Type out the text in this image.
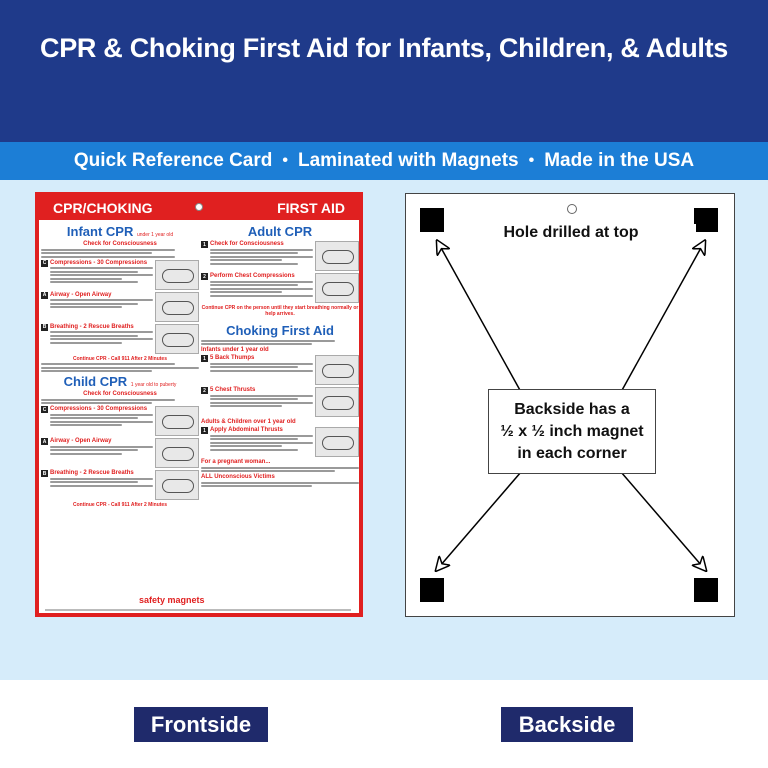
CPR & Choking First Aid for Infants, Children, & Adults
Quick Reference Card • Laminated with Magnets • Made in the USA
CPR/CHOKING	FIRST AID
Infant CPR under 1 year old
Check for Consciousness
C Compressions - 30 Compressions
A Airway - Open Airway
B Breathing - 2 Rescue Breaths
Continue CPR - Call 911 After 2 Minutes
Child CPR 1 year old to puberty
Check for Consciousness
C Compressions - 30 Compressions
A Airway - Open Airway
B Breathing - 2 Rescue Breaths
Continue CPR - Call 911 After 2 Minutes
Adult CPR
1 Check for Consciousness
2 Perform Chest Compressions
Continue CPR on the person until they start breathing normally or help arrives.
Choking First Aid
Infants under 1 year old
1 5 Back Thumps
2 5 Chest Thrusts
Adults & Children over 1 year old
1 Apply Abdominal Thrusts
For a pregnant woman...
ALL Unconscious Victims
safety magnets
Hole drilled at top
Backside has a
½ x ½ inch magnet
in each corner
Frontside	Backside
